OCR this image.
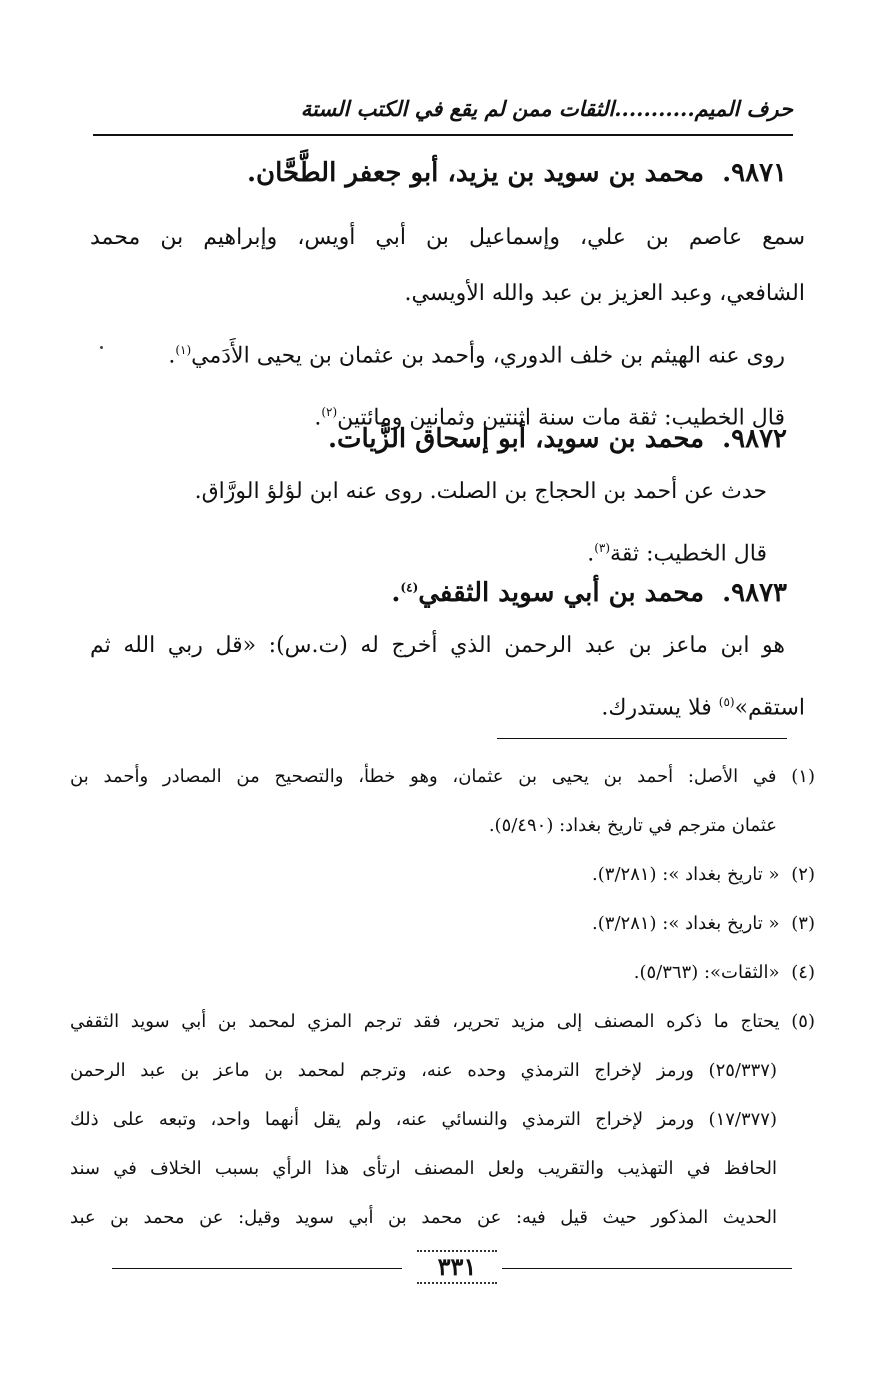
حرف الميم...........الثقات ممن لم يقع في الكتب الستة
٩٨٧١.محمد بن سويد بن يزيد، أبو جعفر الطَّحَّان.
سمع عاصم بن علي، وإسماعيل بن أبي أويس، وإبراهيم بن محمد
الشافعي، وعبد العزيز بن عبد والله الأويسي.
روى عنه الهيثم بن خلف الدوري، وأحمد بن عثمان بن يحيى الأَدَمي$^{(١)}$.
قال الخطيب: ثقة مات سنة اثنتين وثمانين ومائتين$^{(٢)}$.
٩٨٧٢.محمد بن سويد، أبو إسحاق الزَّيات.
حدث عن أحمد بن الحجاج بن الصلت. روى عنه ابن لؤلؤ الورَّاق.
قال الخطيب: ثقة$^{(٣)}$.
٩٨٧٣.محمد بن أبي سويد الثقفي$^{(٤)}$.
هو ابن ماعز بن عبد الرحمن الذي أخرج له (ت.س): «قل ربي الله ثم
استقم»$^{(٥)}$ فلا يستدرك.
(١) في الأصل: أحمد بن يحيى بن عثمان، وهو خطأ، والتصحيح من المصادر وأحمد بن
عثمان مترجم في تاريخ بغداد: (٥/٤٩٠).
(٢) « تاريخ بغداد »: (٣/٢٨١).
(٣) « تاريخ بغداد »: (٣/٢٨١).
(٤) «الثقات»: (٥/٣٦٣).
(٥) يحتاج ما ذكره المصنف إلى مزيد تحرير، فقد ترجم المزي لمحمد بن أبي سويد الثقفي
(٢٥/٣٣٧) ورمز لإخراج الترمذي وحده عنه، وترجم لمحمد بن ماعز بن عبد الرحمن
(١٧/٣٧٧) ورمز لإخراج الترمذي والنسائي عنه، ولم يقل أنهما واحد، وتبعه على ذلك
الحافظ في التهذيب والتقريب ولعل المصنف ارتأى هذا الرأي بسبب الخلاف في سند
الحديث المذكور حيث قيل فيه: عن محمد بن أبي سويد وقيل: عن محمد بن عبد
٣٣١
